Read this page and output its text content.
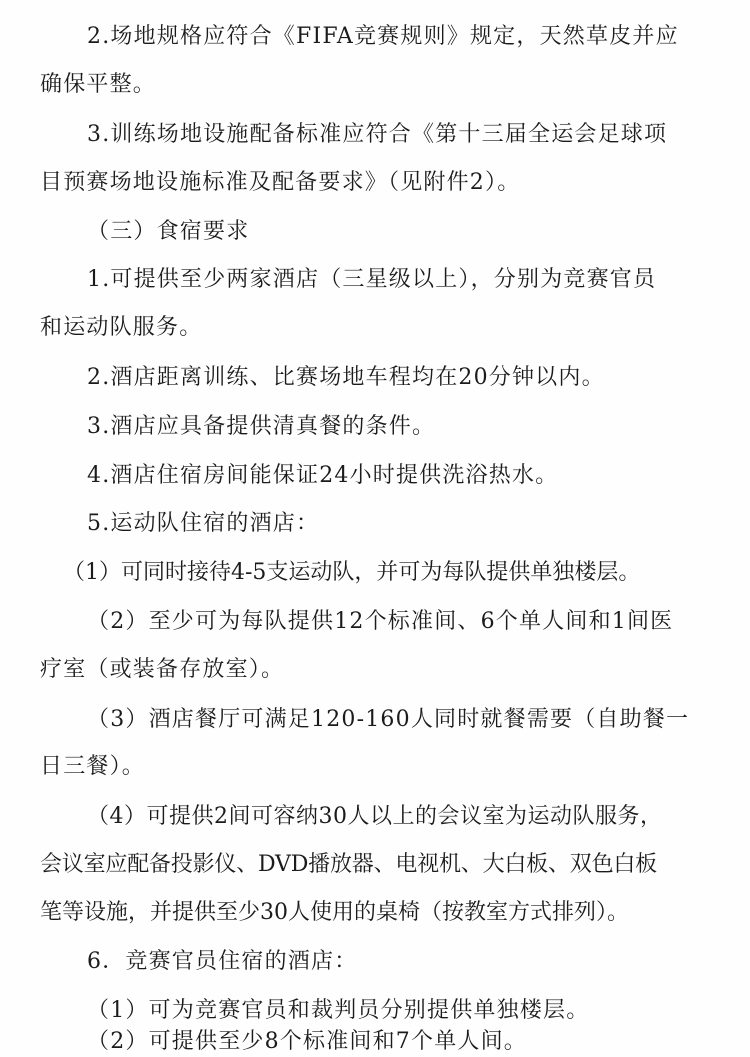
2.场地规格应符合《FIFA竞赛规则》规定，天然草皮并应
确保平整。
3.训练场地设施配备标准应符合《第十三届全运会足球项
目预赛场地设施标准及配备要求》（见附件2）。
（三）食宿要求
1.可提供至少两家酒店（三星级以上），分别为竞赛官员
和运动队服务。
2.酒店距离训练、比赛场地车程均在20分钟以内。
3.酒店应具备提供清真餐的条件。
4.酒店住宿房间能保证24小时提供洗浴热水。
5.运动队住宿的酒店：
（1）可同时接待4-5支运动队，并可为每队提供单独楼层。
（2）至少可为每队提供12个标准间、6个单人间和1间医
疗室（或装备存放室）。
（3）酒店餐厅可满足120-160人同时就餐需要（自助餐一
日三餐）。
（4）可提供2间可容纳30人以上的会议室为运动队服务，
会议室应配备投影仪、DVD播放器、电视机、大白板、双色白板
笔等设施，并提供至少30人使用的桌椅（按教室方式排列）。
6．竞赛官员住宿的酒店：
（1）可为竞赛官员和裁判员分别提供单独楼层。
（2）可提供至少8个标准间和7个单人间。
